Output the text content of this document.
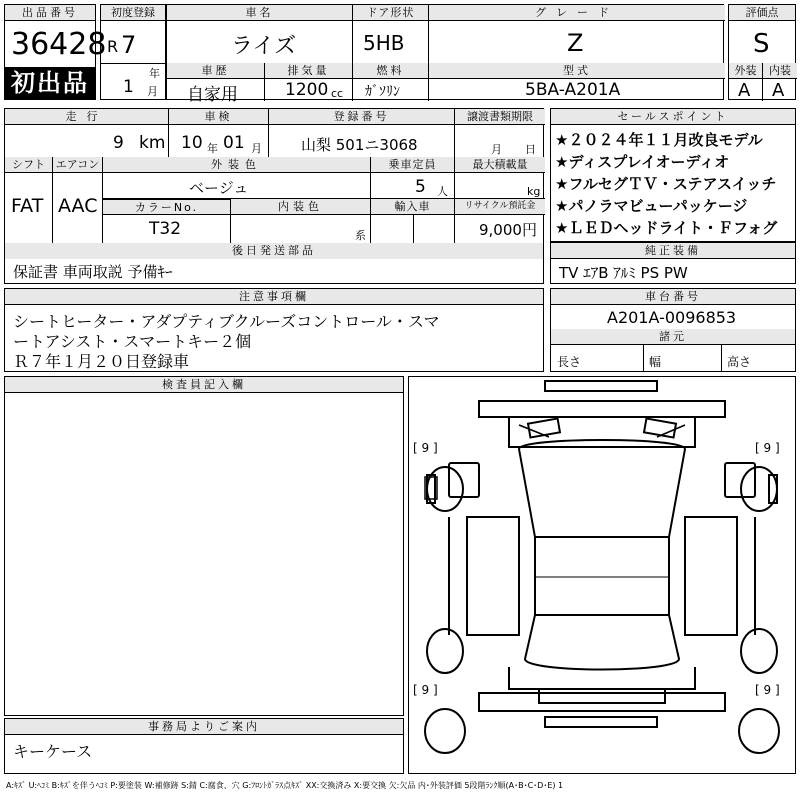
出品番号
36428
初出品
初度登録
R 7
年
1 月
車名
ライズ
ドア形状
5HB
グレード
Z
車歴
自家用
排気量
1200 cc
燃料
ｶﾞｿﾘﾝ
型式
5BA-A201A
評価点
S
外装
A
内装
A
走行
9 km
車検
10 年 01 月
登録番号
山梨 501ニ3068
譲渡書類期限
月 日
シフト
FAT
エアコン
AAC
外装色
ベージュ
乗車定員
5 人
最大積載量
kg
カラーNo.
T32
内装色
系
輸入車	リサイクル預託金
9,000円
後日発送部品
保証書 車両取説 予備ｷｰ
セールスポイント
★２０２４年１１月改良モデル
★ディスプレイオーディオ
★フルセグＴＶ・ステアスイッチ
★パノラマビューパッケージ
★ＬＥＤヘッドライト・Ｆフォグ
純正装備
TV ｴｱB ｱﾙﾐ PS PW
注意事項欄
シートヒーター・アダプティブクルーズコントロール・スマ
ートアシスト・スマートキー２個
Ｒ７年１月２０日登録車
車台番号
A201A-0096853
諸元
長さ	幅	高さ
検査員記入欄
事務局よりご案内
キーケース
[ 9 ]	[ 9 ]
[ 9 ]	[ 9 ]
A:ｷｽﾞ U:ﾍｺﾐ B:ｷｽﾞを伴うﾍｺﾐ P:要塗装 W:補修跡 S:錆 C:腐食、穴 G:ﾌﾛﾝﾄｶﾞﾗｽ点ｷｽﾞ XX:交換済み X:要交換 欠:欠品 内･外装評価 5段階ﾗﾝｸ順(A･B･C･D･E) 1
